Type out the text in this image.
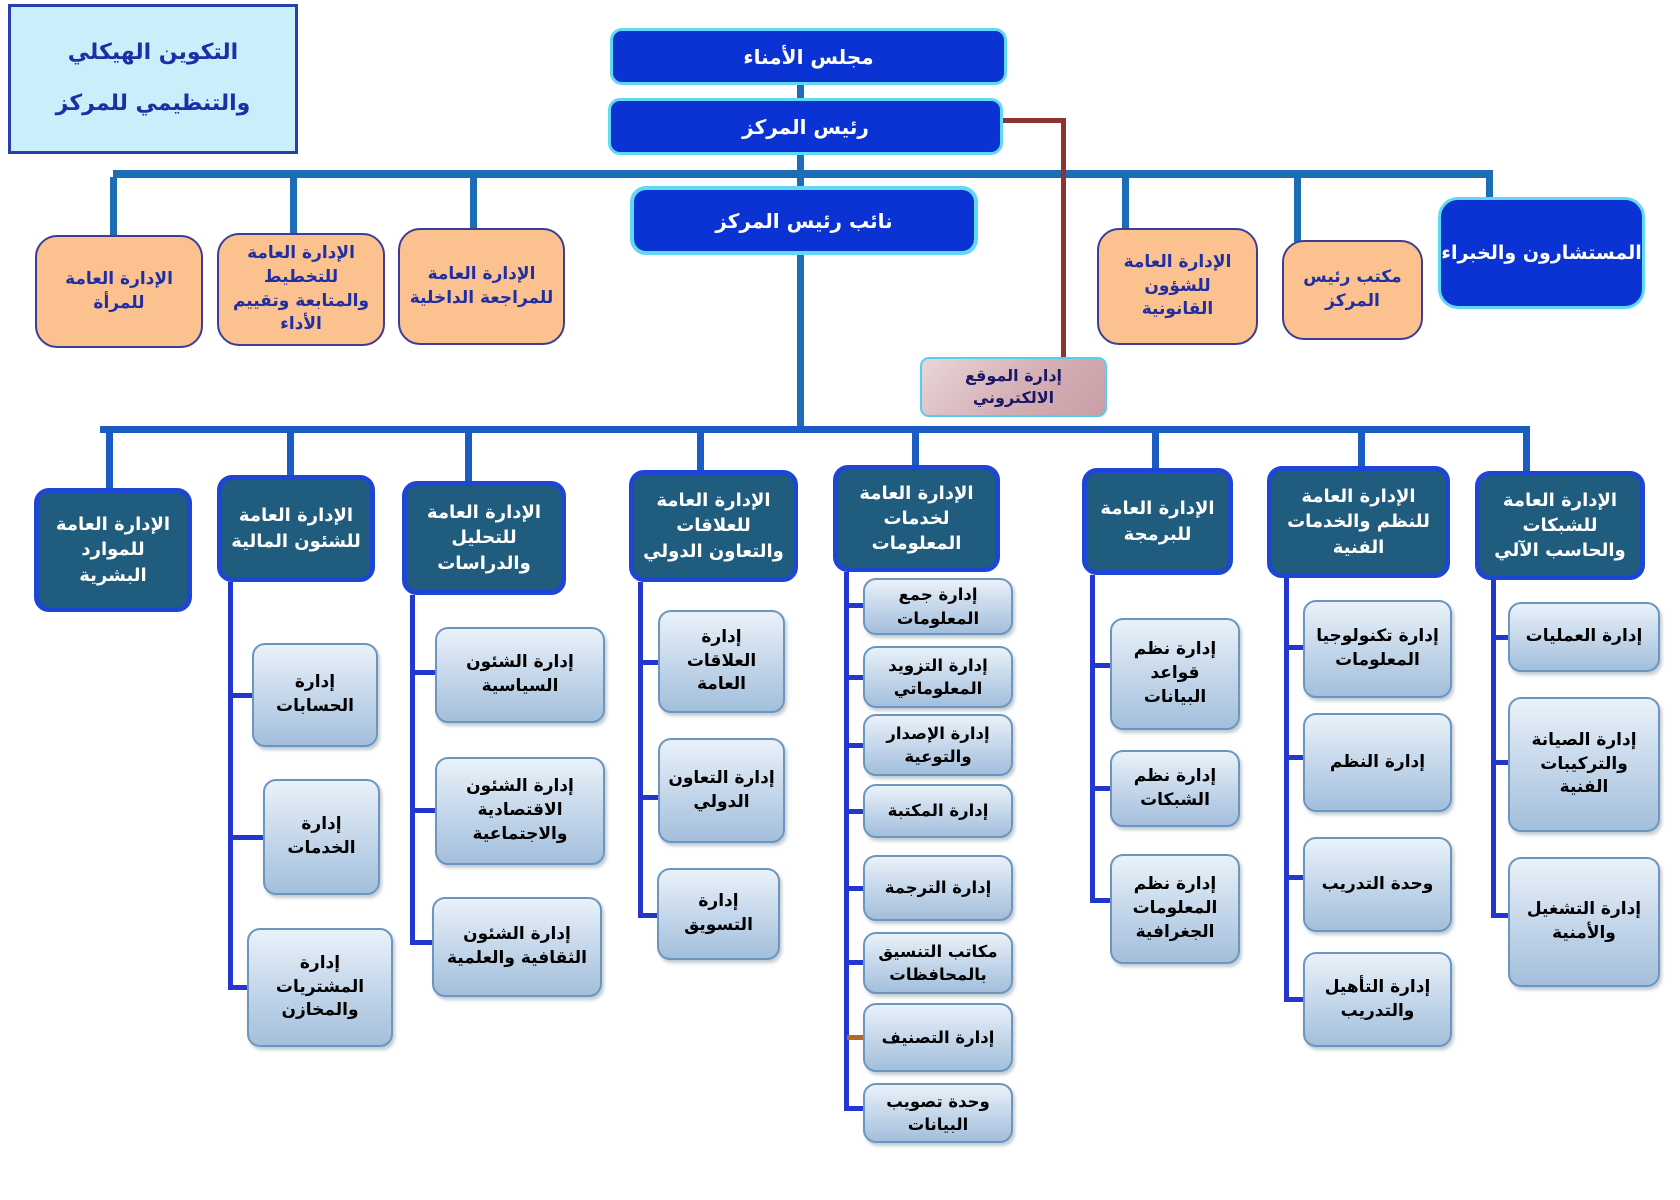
التكوين الهيكلي
والتنظيمي للمركز
مجلس الأمناء
رئيس المركز
نائب رئيس المركز
المستشارون والخبراء
الإدارة العامة للمرأة
الإدارة العامة للتخطيط والمتابعة وتقييم الأداء
الإدارة العامة للمراجعة الداخلية
الإدارة العامة للشؤون القانونية
مكتب رئيس المركز
إدارة الموقع الالكتروني
الإدارة العامة للموارد البشرية
الإدارة العامة للشئون المالية
الإدارة العامة للتحليل والدراسات
الإدارة العامة للعلاقات والتعاون الدولي
الإدارة العامة لخدمات المعلومات
الإدارة العامة للبرمجة
الإدارة العامة للنظم والخدمات الفنية
الإدارة العامة للشبكات والحاسب الآلي
إدارة الحسابات
إدارة الخدمات
إدارة المشتريات والمخازن
إدارة الشئون السياسية
إدارة الشئون الاقتصادية والاجتماعية
إدارة الشئون الثقافية والعلمية
إدارة العلاقات العامة
إدارة التعاون الدولي
إدارة التسويق
إدارة جمع المعلومات
إدارة التزويد المعلوماتي
إدارة الإصدار والتوعية
إدارة المكتبة
إدارة الترجمة
مكاتب التنسيق بالمحافظات
إدارة التصنيف
وحدة تصويب البيانات
إدارة نظم قواعد البيانات
إدارة نظم الشبكات
إدارة نظم المعلومات الجغرافية
إدارة تكنولوجيا المعلومات
إدارة النظم
وحدة التدريب
إدارة التأهيل والتدريب
إدارة العمليات
إدارة الصيانة والتركيبات الفنية
إدارة التشغيل والأمنية
